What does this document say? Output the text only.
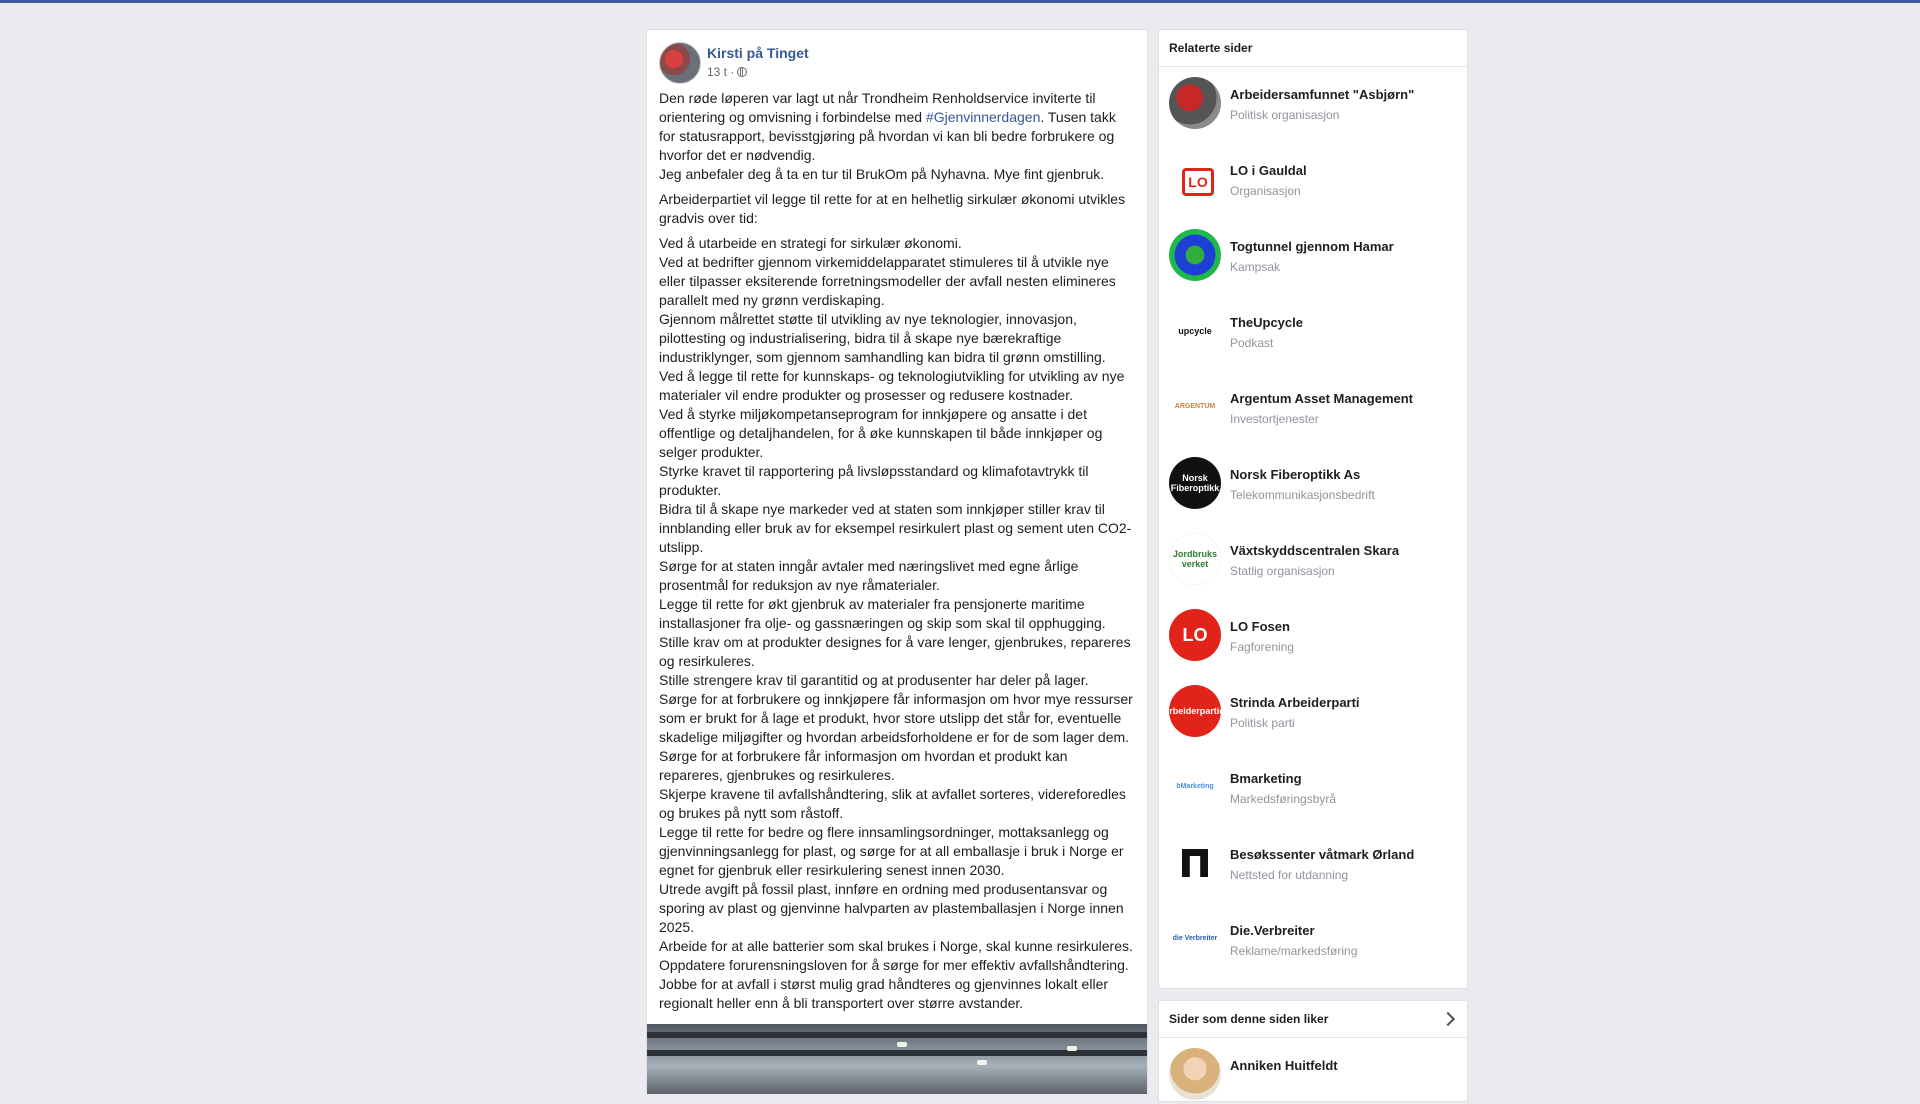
Kirsti på Tinget
13 t ·

Den røde løperen var lagt ut når Trondheim Renholdservice inviterte til orientering og omvisning i forbindelse med #Gjenvinnerdagen. Tusen takk for statusrapport, bevisstgjøring på hvordan vi kan bli bedre forbrukere og hvorfor det er nødvendig.

Jeg anbefaler deg å ta en tur til BrukOm på Nyhavna. Mye fint gjenbruk.

Arbeiderpartiet vil legge til rette for at en helhetlig sirkulær økonomi utvikles gradvis over tid:

Ved å utarbeide en strategi for sirkulær økonomi.

Ved at bedrifter gjennom virkemiddelapparatet stimuleres til å utvikle nye eller tilpasser eksiterende forretningsmodeller der avfall nesten elimineres parallelt med ny grønn verdiskaping.

Gjennom målrettet støtte til utvikling av nye teknologier, innovasjon, pilottesting og industrialisering, bidra til å skape nye bærekraftige industriklynger, som gjennom samhandling kan bidra til grønn omstilling.

Ved å legge til rette for kunnskaps- og teknologiutvikling for utvikling av nye materialer vil endre produkter og prosesser og redusere kostnader.

Ved å styrke miljøkompetanseprogram for innkjøpere og ansatte i det offentlige og detaljhandelen, for å øke kunnskapen til både innkjøper og selger produkter.

Styrke kravet til rapportering på livsløpsstandard og klimafotavtrykk til produkter.

Bidra til å skape nye markeder ved at staten som innkjøper stiller krav til innblanding eller bruk av for eksempel resirkulert plast og sement uten CO2-utslipp.

Sørge for at staten inngår avtaler med næringslivet med egne årlige prosentmål for reduksjon av nye råmaterialer.

Legge til rette for økt gjenbruk av materialer fra pensjonerte maritime installasjoner fra olje- og gassnæringen og skip som skal til opphugging.

Stille krav om at produkter designes for å vare lenger, gjenbrukes, repareres og resirkuleres.

Stille strengere krav til garantitid og at produsenter har deler på lager.

Sørge for at forbrukere og innkjøpere får informasjon om hvor mye ressurser som er brukt for å lage et produkt, hvor store utslipp det står for, eventuelle skadelige miljøgifter og hvordan arbeidsforholdene er for de som lager dem.

Sørge for at forbrukere får informasjon om hvordan et produkt kan repareres, gjenbrukes og resirkuleres.

Skjerpe kravene til avfallshåndtering, slik at avfallet sorteres, videreforedles og brukes på nytt som råstoff.

Legge til rette for bedre og flere innsamlingsordninger, mottaksanlegg og gjenvinningsanlegg for plast, og sørge for at all emballasje i bruk i Norge er egnet for gjenbruk eller resirkulering senest innen 2030.

Utrede avgift på fossil plast, innføre en ordning med produsentansvar og sporing av plast og gjenvinne halvparten av plastemballasjen i Norge innen 2025.

Arbeide for at alle batterier som skal brukes i Norge, skal kunne resirkuleres.

Oppdatere forurensningsloven for å sørge for mer effektiv avfallshåndtering.

Jobbe for at avfall i størst mulig grad håndteres og gjenvinnes lokalt eller regionalt heller enn å bli transportert over større avstander.

Relaterte sider
Arbeidersamfunnet "Asbjørn"
Politisk organisasjon
LO
LO i Gauldal
Organisasjon
Togtunnel gjennom Hamar
Kampsak
upcycle
TheUpcycle
Podkast
ARGENTUM
Argentum Asset Management
Investortjenester
Norsk Fiberoptikk
Norsk Fiberoptikk As
Telekommunikasjonsbedrift
Jordbruks verket
Växtskyddscentralen Skara
Statlig organisasjon
LO LO Fosen
Fagforening
Arbeiderpartiet
Strinda Arbeiderparti
Politisk parti
bMarketing
Bmarketing
Markedsføringsbyrå
Besøkssenter våtmark Ørland
Nettsted for utdanning
die Verbreiter
Die.Verbreiter
Reklame/markedsføring
Sider som denne siden liker
Anniken Huitfeldt
